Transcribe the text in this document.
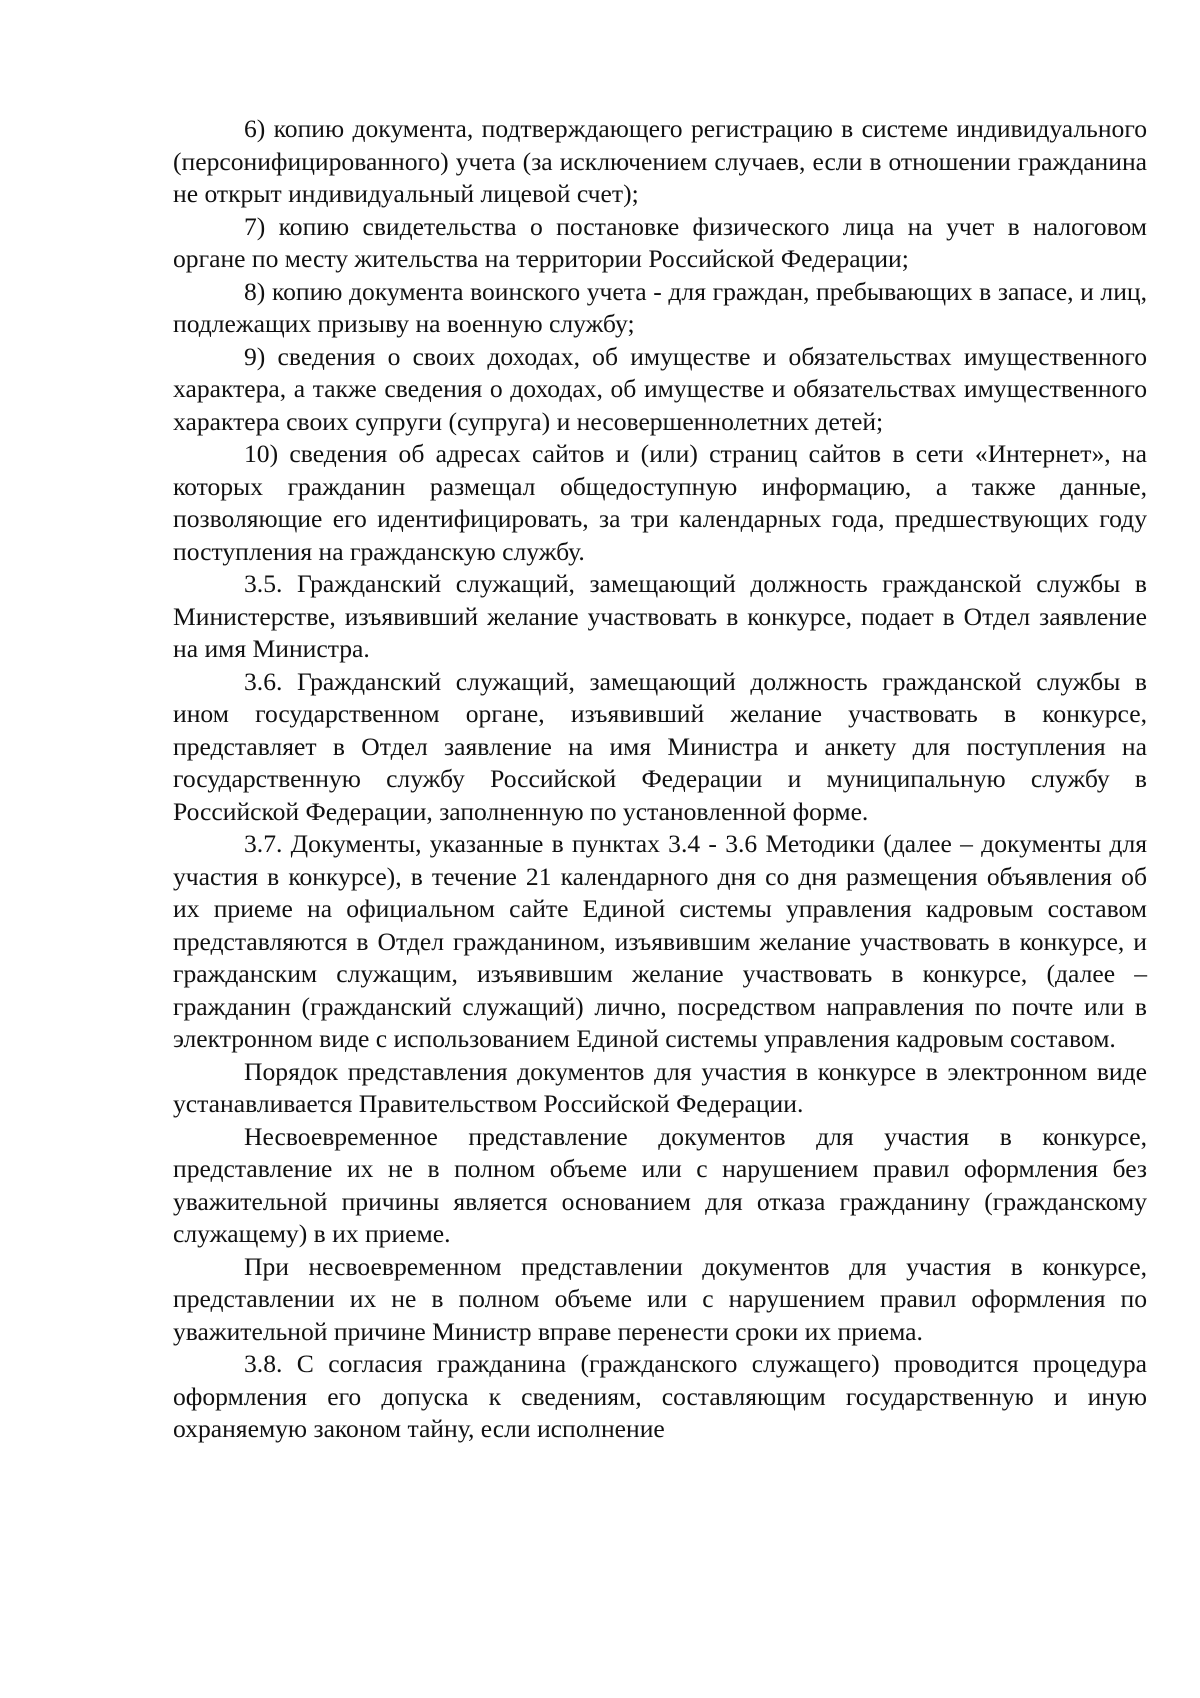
6) копию документа, подтверждающего регистрацию в системе индивидуального (персонифицированного) учета (за исключением случаев, если в отношении гражданина не открыт индивидуальный лицевой счет);

7) копию свидетельства о постановке физического лица на учет в налоговом органе по месту жительства на территории Российской Федерации;

8) копию документа воинского учета - для граждан, пребывающих в запасе, и лиц, подлежащих призыву на военную службу;

9) сведения о своих доходах, об имуществе и обязательствах имущественного характера, а также сведения о доходах, об имуществе и обязательствах имущественного характера своих супруги (супруга) и несовершеннолетних детей;

10) сведения об адресах сайтов и (или) страниц сайтов в сети «Интернет», на которых гражданин размещал общедоступную информацию, а также данные, позволяющие его идентифицировать, за три календарных года, предшествующих году поступления на гражданскую службу.

3.5. Гражданский служащий, замещающий должность гражданской службы в Министерстве, изъявивший желание участвовать в конкурсе, подает в Отдел заявление на имя Министра.

3.6. Гражданский служащий, замещающий должность гражданской службы в ином государственном органе, изъявивший желание участвовать в конкурсе, представляет в Отдел заявление на имя Министра и анкету для поступления на государственную службу Российской Федерации и муниципальную службу в Российской Федерации, заполненную по установленной форме.

3.7. Документы, указанные в пунктах 3.4 - 3.6 Методики (далее – документы для участия в конкурсе), в течение 21 календарного дня со дня размещения объявления об их приеме на официальном сайте Единой системы управления кадровым составом представляются в Отдел гражданином, изъявившим желание участвовать в конкурсе, и гражданским служащим, изъявившим желание участвовать в конкурсе, (далее – гражданин (гражданский служащий) лично, посредством направления по почте или в электронном виде с использованием Единой системы управления кадровым составом.

Порядок представления документов для участия в конкурсе в электронном виде устанавливается Правительством Российской Федерации.

Несвоевременное представление документов для участия в конкурсе, представление их не в полном объеме или с нарушением правил оформления без уважительной причины является основанием для отказа гражданину (гражданскому служащему) в их приеме.

При несвоевременном представлении документов для участия в конкурсе, представлении их не в полном объеме или с нарушением правил оформления по уважительной причине Министр вправе перенести сроки их приема.

3.8. С согласия гражданина (гражданского служащего) проводится процедура оформления его допуска к сведениям, составляющим государственную и иную охраняемую законом тайну, если исполнение
